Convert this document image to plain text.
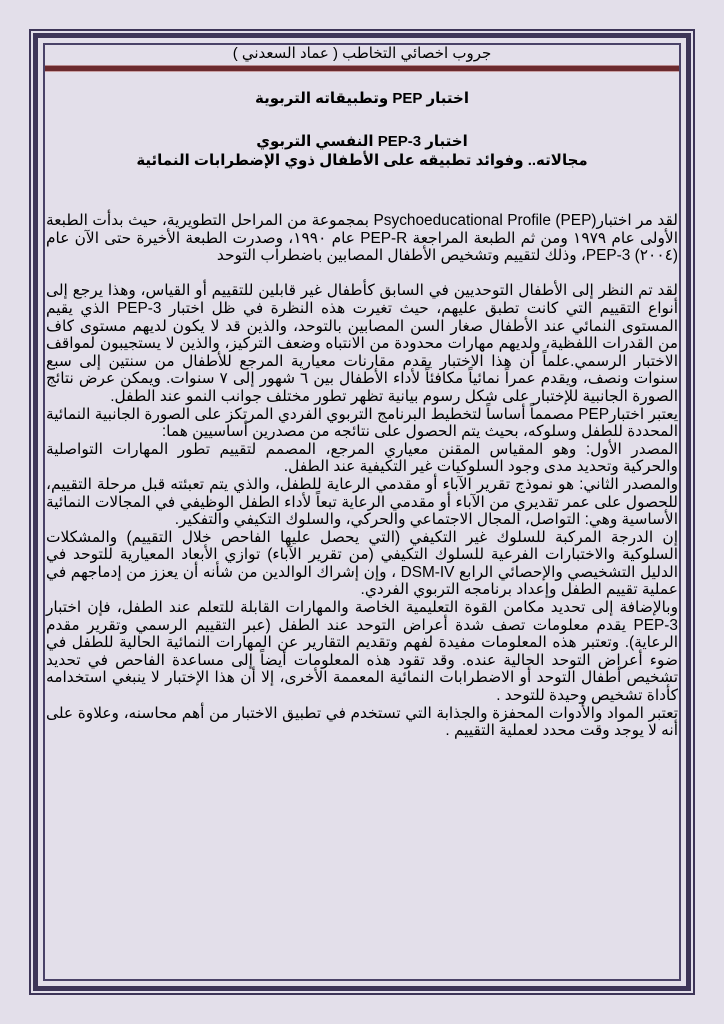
جروب اخصائي التخاطب ( عماد السعدني )
اختبار PEP وتطبيقاته التربوية
اختبار PEP-3 النفسي التربوي
مجالاته.. وفوائد تطبيقه على الأطفال ذوي الإضطرابات النمائية

لقد مر اختبار(PEP) Psychoeducational Profile بمجموعة من المراحل التطويرية، حيث بدأت الطبعة الأولى عام ١٩٧٩ ومن ثم الطبعة المراجعة PEP-R عام ١٩٩٠، وصدرت الطبعة الأخيرة حتى الآن عام (٢٠٠٤) PEP-3، وذلك لتقييم وتشخيص الأطفال المصابين باضطراب التوحد

لقد تم النظر إلى الأطفال التوحديين في السابق كأطفال غير قابلين للتقييم أو القياس، وهذا يرجع إلى أنواع التقييم التي كانت تطبق عليهم، حيث تغيرت هذه النظرة في ظل اختبار PEP-3 الذي يقيم المستوى النمائي عند الأطفال صغار السن المصابين بالتوحد، والذين قد لا يكون لديهم مستوى كاف من القدرات اللفظية، ولديهم مهارات محدودة من الانتباه وضعف التركيز، والذين لا يستجيبون لمواقف الاختبار الرسمي.علماً أن هذا الاختبار يقدم مقارنات معيارية المرجع للأطفال من سنتين إلى سبع سنوات ونصف، ويقدم عمراً نمائياً مكافئاً لأداء الأطفال بين ٦ شهور إلى ٧ سنوات. ويمكن عرض نتائج الصورة الجانبية للإختبار على شكل رسوم بيانية تظهر تطور مختلف جوانب النمو عند الطفل.

يعتبر اختبارPEP مصمماً أساساً لتخطيط البرنامج التربوي الفردي المرتكز على الصورة الجانبية النمائية المحددة للطفل وسلوكه، بحيث يتم الحصول على نتائجه من مصدرين أساسيين هما:

المصدر الأول: وهو المقياس المقنن معياري المرجع، المصمم لتقييم تطور المهارات التواصلية والحركية وتحديد مدى وجود السلوكيات غير التكيفية عند الطفل.

والمصدر الثاني: هو نموذج تقرير الآباء أو مقدمي الرعاية للطفل، والذي يتم تعبئته قبل مرحلة التقييم، للحصول على عمر تقديري من الآباء أو مقدمي الرعاية تبعاً لأداء الطفل الوظيفي في المجالات النمائية الأساسية وهي: التواصل، المجال الاجتماعي والحركي، والسلوك التكيفي والتفكير.

إن الدرجة المركبة للسلوك غير التكيفي (التي يحصل عليها الفاحص خلال التقييم) والمشكلات السلوكية والاختبارات الفرعية للسلوك التكيفي (من تقرير الآباء) توازي الأبعاد المعيارية للتوحد في الدليل التشخيصي والإحصائي الرابع DSM-IV ، وإن إشراك الوالدين من شأنه أن يعزز من إدماجهم في عملية تقييم الطفل وإعداد برنامجه التربوي الفردي.

وبالإضافة إلى تحديد مكامن القوة التعليمية الخاصة والمهارات القابلة للتعلم عند الطفل، فإن اختبار PEP-3 يقدم معلومات تصف شدة أعراض التوحد عند الطفل (عبر التقييم الرسمي وتقرير مقدم الرعاية). وتعتبر هذه المعلومات مفيدة لفهم وتقديم التقارير عن المهارات النمائية الحالية للطفل في ضوء أعراض التوحد الحالية عنده. وقد تقود هذه المعلومات أيضاً إلى مساعدة الفاحص في تحديد تشخيص أطفال التوحد أو الاضطرابات النمائية المعممة الأخرى، إلا أن هذا الإختبار لا ينبغي استخدامه كأداة تشخيص وحيدة للتوحد .

تعتبر المواد والأدوات المحفزة والجذابة التي تستخدم في تطبيق الاختبار من أهم محاسنه، وعلاوة على أنه لا يوجد وقت محدد لعملية التقييم .
